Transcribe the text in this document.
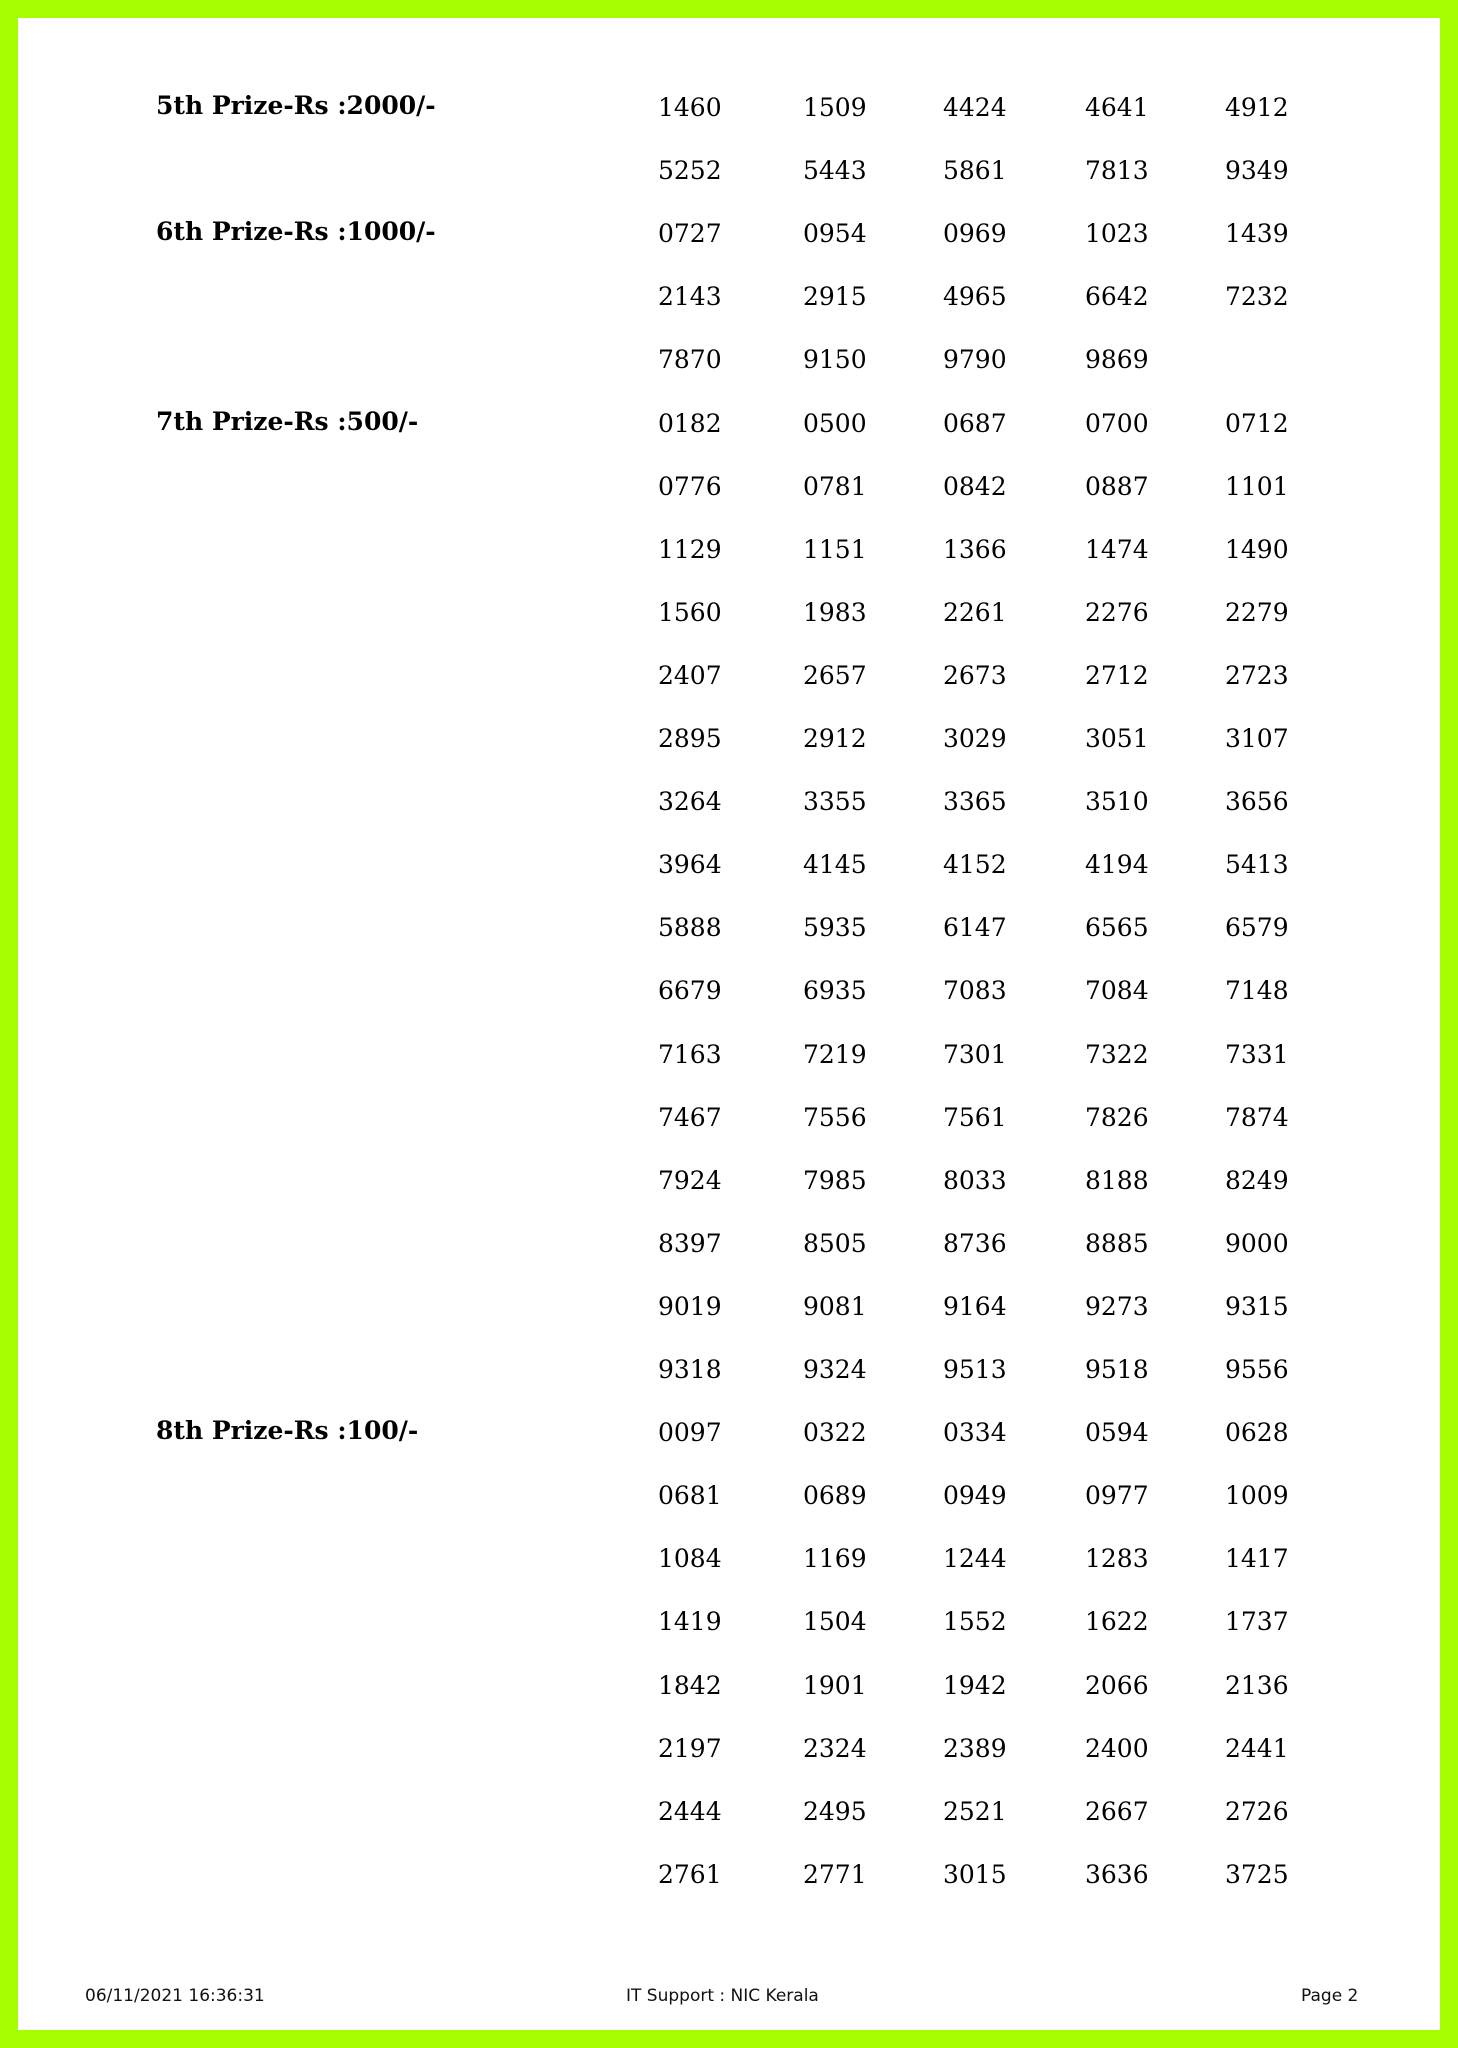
5th Prize-Rs :2000/-	1460	1509	4424	4641	4912
5252	5443	5861	7813	9349
6th Prize-Rs :1000/-	0727	0954	0969	1023	1439
2143	2915	4965	6642	7232
7870	9150	9790	9869
7th Prize-Rs :500/-	0182	0500	0687	0700	0712
0776	0781	0842	0887	1101
1129	1151	1366	1474	1490
1560	1983	2261	2276	2279
2407	2657	2673	2712	2723
2895	2912	3029	3051	3107
3264	3355	3365	3510	3656
3964	4145	4152	4194	5413
5888	5935	6147	6565	6579
6679	6935	7083	7084	7148
7163	7219	7301	7322	7331
7467	7556	7561	7826	7874
7924	7985	8033	8188	8249
8397	8505	8736	8885	9000
9019	9081	9164	9273	9315
9318	9324	9513	9518	9556
8th Prize-Rs :100/-	0097	0322	0334	0594	0628
0681	0689	0949	0977	1009
1084	1169	1244	1283	1417
1419	1504	1552	1622	1737
1842	1901	1942	2066	2136
2197	2324	2389	2400	2441
2444	2495	2521	2667	2726
2761	2771	3015	3636	3725
06/11/2021 16:36:31	IT Support : NIC Kerala	Page 2
